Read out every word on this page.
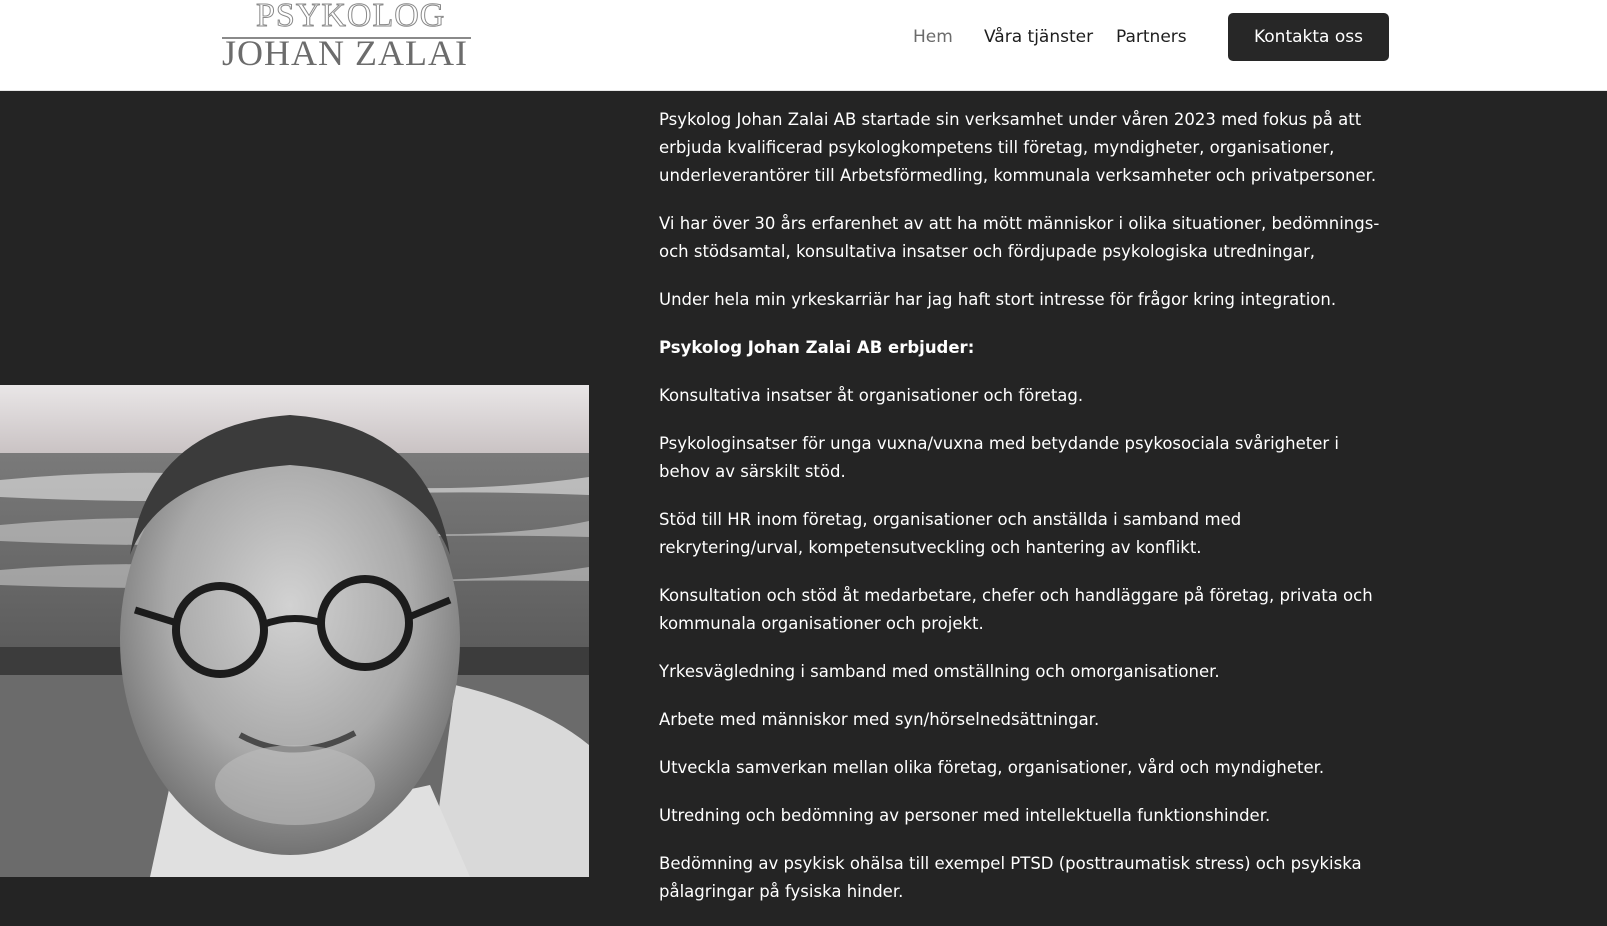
PSYKOLOG
JOHAN ZALAI	Hem Våra tjänster Partners	Kontakta oss

Psykolog Johan Zalai AB startade sin verksamhet under våren 2023 med fokus på att erbjuda kvalificerad psykologkompetens till företag, myndigheter, organisationer, underleverantörer till Arbetsförmedling, kommunala verksamheter och privatpersoner.

Vi har över 30 års erfarenhet av att ha mött människor i olika situationer, bedömnings- och stödsamtal, konsultativa insatser och fördjupade psykologiska utredningar,

Under hela min yrkeskarriär har jag haft stort intresse för frågor kring integration.

Psykolog Johan Zalai AB erbjuder:

Konsultativa insatser åt organisationer och företag.

Psykologinsatser för unga vuxna/vuxna med betydande psykosociala svårigheter i behov av särskilt stöd.

Stöd till HR inom företag, organisationer och anställda i samband med rekrytering/urval, kompetensutveckling och hantering av konflikt.

Konsultation och stöd åt medarbetare, chefer och handläggare på företag, privata och kommunala organisationer och projekt.

Yrkesvägledning i samband med omställning och omorganisationer.

Arbete med människor med syn/hörselnedsättningar.

Utveckla samverkan mellan olika företag, organisationer, vård och myndigheter.

Utredning och bedömning av personer med intellektuella funktionshinder.

Bedömning av psykisk ohälsa till exempel PTSD (posttraumatisk stress) och psykiska pålagringar på fysiska hinder.
